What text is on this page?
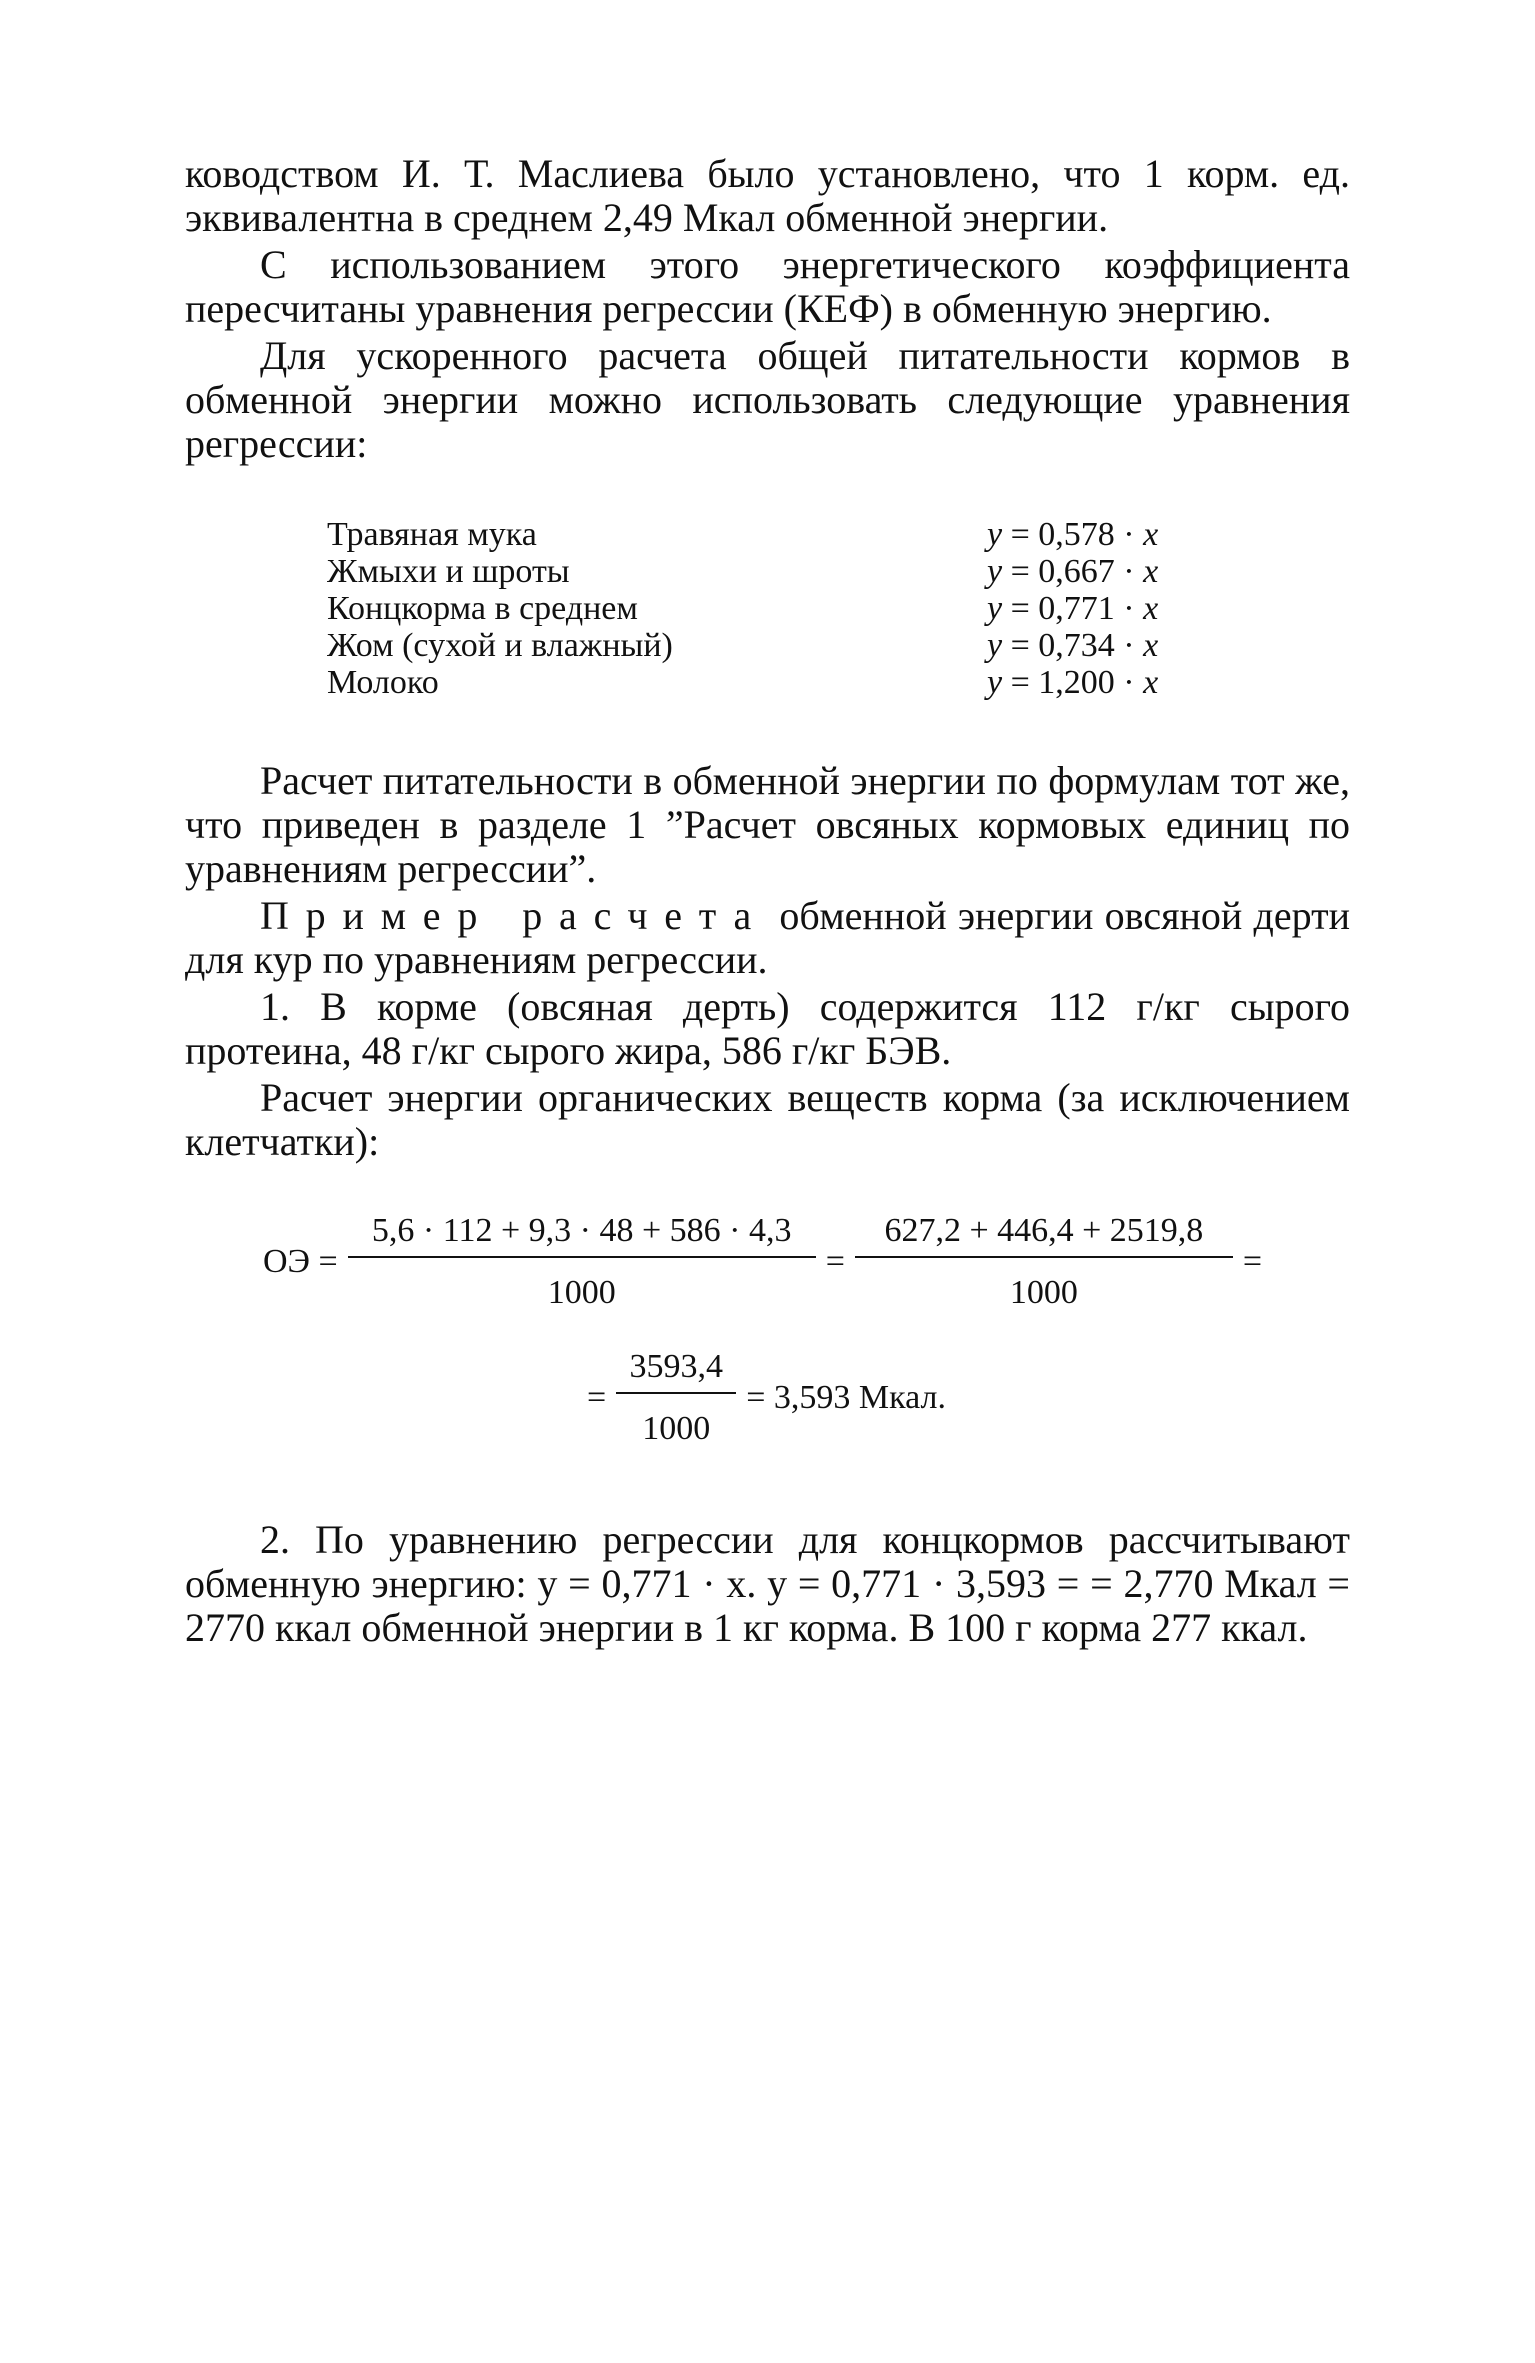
ководством И. Т. Маслиева было установлено, что 1 корм. ед. эквивалентна в среднем 2,49 Мкал обменной энергии.

С использованием этого энергетического коэффициента пересчитаны уравнения регрессии (КЕФ) в обменную энергию.

Для ускоренного расчета общей питательности кормов в обменной энергии можно использовать следующие уравнения регрессии:

Травяная мука	y = 0,578 · x
Жмыхи и шроты	y = 0,667 · x
Концкорма в среднем	y = 0,771 · x
Жом (сухой и влажный)	y = 0,734 · x
Молоко	y = 1,200 · x

Расчет питательности в обменной энергии по формулам тот же, что приведен в разделе 1 ”Расчет овсяных кормовых единиц по уравнениям регрессии”.

Пример расчета обменной энергии овсяной дерти для кур по уравнениям регрессии.

1. В корме (овсяная дерть) содержится 112 г/кг сырого протеина, 48 г/кг сырого жира, 586 г/кг БЭВ.

Расчет энергии органических веществ корма (за исключением клетчатки):

ОЭ = $\frac{5,6 \cdot 112 + 9,3 \cdot 48 + 586 \cdot 4,3}{1000} = \frac{627,2 + 446,4 + 2519,8}{1000}$ =
= $\frac{3593,4}{1000} = 3,593$ Мкал.

2. По уравнению регрессии для концкормов рассчитывают обменную энергию: y = 0,771 · x. y = 0,771 · 3,593 = = 2,770 Мкал = 2770 ккал обменной энергии в 1 кг корма. В 100 г корма 277 ккал.
